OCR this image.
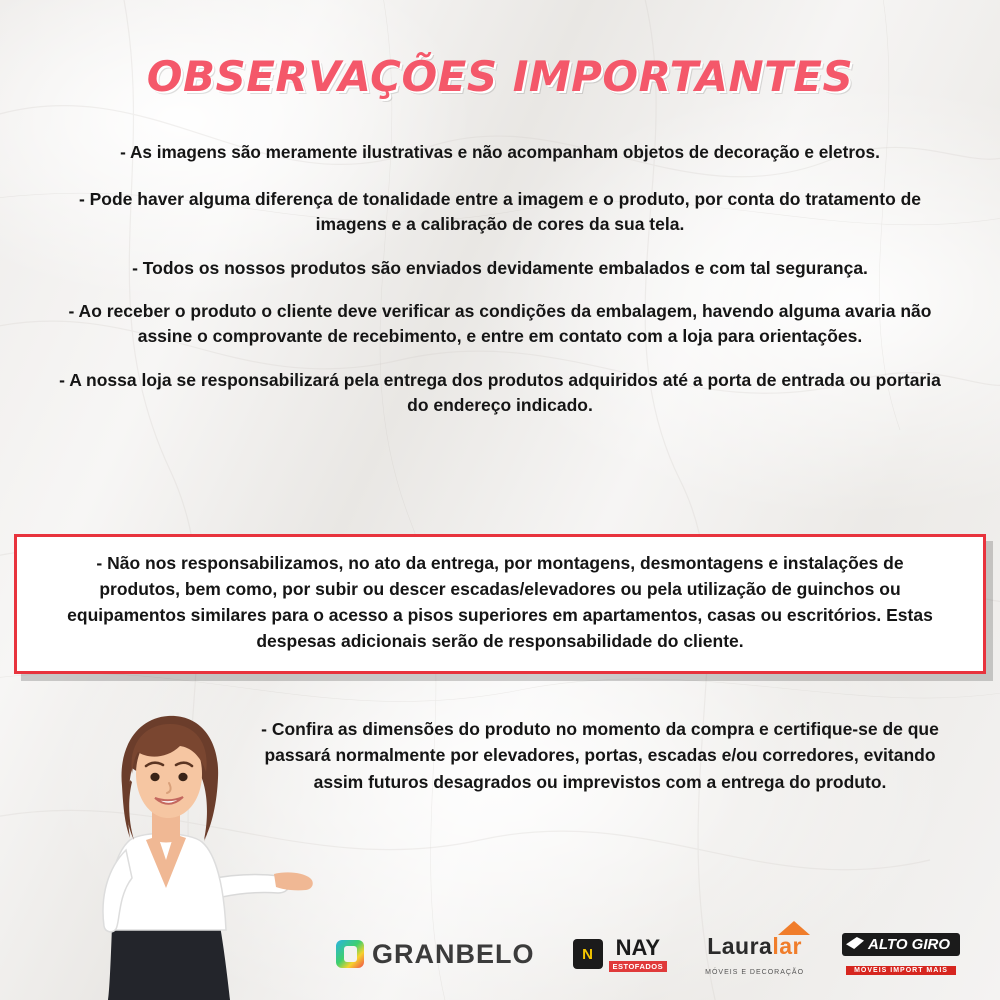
OBSERVAÇÕES IMPORTANTES
- As imagens são meramente ilustrativas e não acompanham objetos de decoração e eletros.
- Pode haver alguma diferença de tonalidade entre a imagem e o produto, por conta do tratamento de imagens e a calibração de cores da sua tela.
- Todos os nossos produtos são enviados devidamente embalados e com tal segurança.
- Ao receber o produto o cliente deve verificar as condições da embalagem, havendo alguma avaria não assine o comprovante de recebimento, e entre em contato com a loja para orientações.
- A nossa loja se responsabilizará pela entrega dos produtos adquiridos até a porta de entrada ou portaria do endereço indicado.
- Não nos responsabilizamos, no ato da entrega, por montagens, desmontagens e instalações de produtos, bem como, por subir ou descer escadas/elevadores ou pela utilização de guinchos ou equipamentos similares para o acesso a pisos superiores em apartamentos, casas ou escritórios. Estas despesas adicionais serão de responsabilidade do cliente.
- Confira as dimensões do produto no momento da compra e certifique-se de que passará normalmente por elevadores, portas, escadas e/ou corredores, evitando assim futuros desagrados ou imprevistos com a entrega do produto.
GRANBELO	N	NAY
ESTOFADOS
Lauralar
MÓVEIS E DECORAÇÃO
ALTO GIRO
MÓVEIS IMPORT MAIS
